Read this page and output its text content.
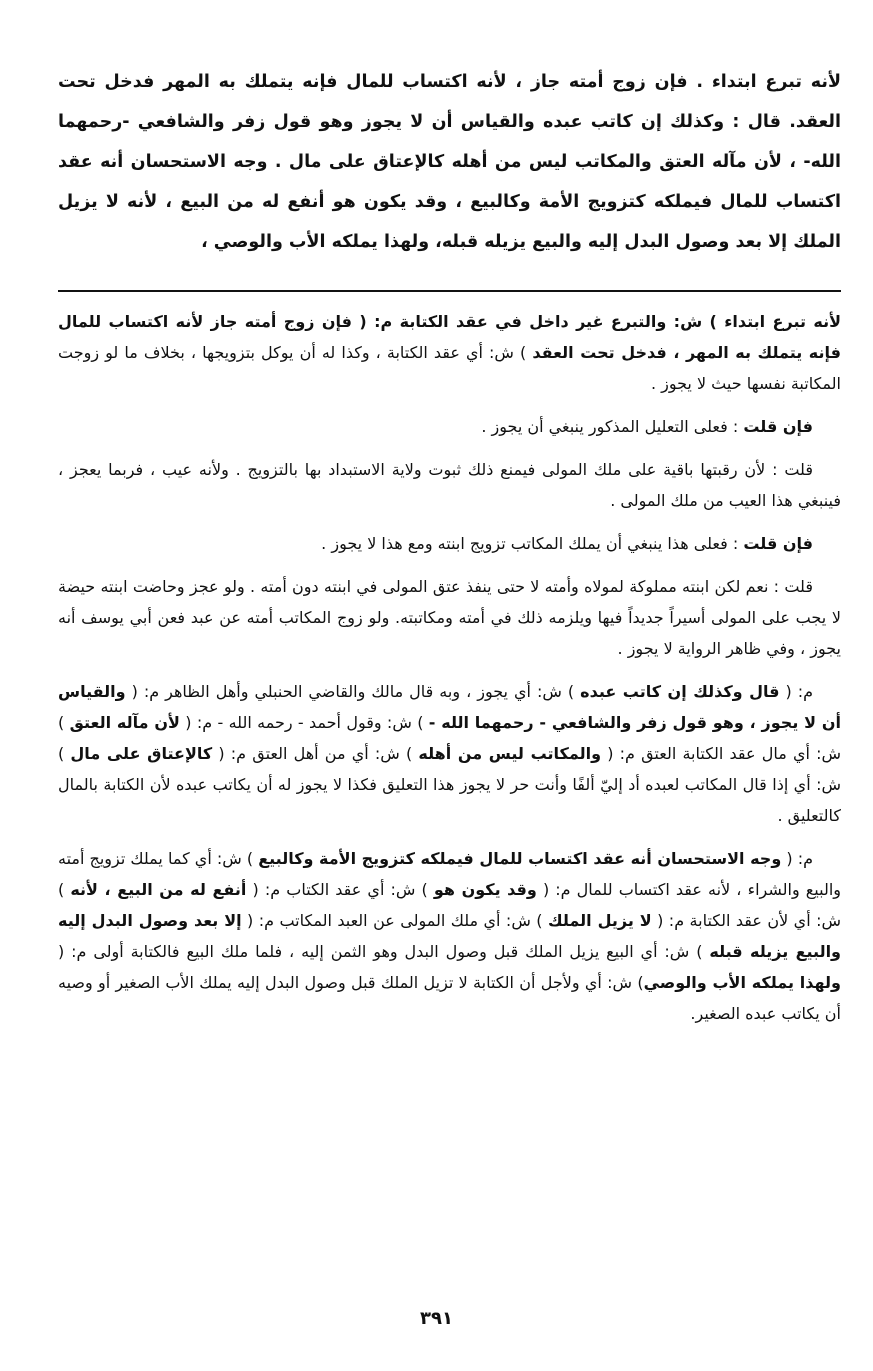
لأنه تبرع ابتداء . فإن زوج أمته جاز ، لأنه اكتساب للمال فإنه يتملك به المهر فدخل تحت العقد. قال : وكذلك إن كاتب عبده والقياس أن لا يجوز وهو قول زفر والشافعي -رحمهما الله- ، لأن مآله العتق والمكاتب ليس من أهله كالإعتاق على مال . وجه الاستحسان أنه عقد اكتساب للمال فيملكه كتزويج الأمة وكالبيع ، وقد يكون هو أنفع له من البيع ، لأنه لا يزيل الملك إلا بعد وصول البدل إليه والبيع يزيله قبله، ولهذا يملكه الأب والوصي ،

لأنه تبرع ابتداء ) ش: والتبرع غير داخل في عقد الكتابة م: ( فإن زوج أمته جاز لأنه اكتساب للمال فإنه يتملك به المهر ، فدخل تحت العقد ) ش: أي عقد الكتابة ، وكذا له أن يوكل بتزويجها ، بخلاف ما لو زوجت المكاتبة نفسها حيث لا يجوز .

فإن قلت : فعلى التعليل المذكور ينبغي أن يجوز .

قلت : لأن رقبتها باقية على ملك المولى فيمنع ذلك ثبوت ولاية الاستبداد بها بالتزويج . ولأنه عيب ، فربما يعجز ، فينبغي هذا العيب من ملك المولى .

فإن قلت : فعلى هذا ينبغي أن يملك المكاتب تزويج ابنته ومع هذا لا يجوز .

قلت : نعم لكن ابنته مملوكة لمولاه وأمته لا حتى ينفذ عتق المولى في ابنته دون أمته . ولو عجز وحاضت ابنته حيضة لا يجب على المولى أسيراً جديداً فيها ويلزمه ذلك في أمته ومكاتبته. ولو زوج المكاتب أمته عن عبد فعن أبي يوسف أنه يجوز ، وفي ظاهر الرواية لا يجوز .

م: ( قال وكذلك إن كاتب عبده ) ش: أي يجوز ، وبه قال مالك والقاضي الحنبلي وأهل الظاهر م: ( والقياس أن لا يجوز ، وهو قول زفر والشافعي - رحمهما الله - ) ش: وقول أحمد - رحمه الله - م: ( لأن مآله العتق ) ش: أي مال عقد الكتابة العتق م: ( والمكاتب ليس من أهله ) ش: أي من أهل العتق م: ( كالإعتاق على مال ) ش: أي إذا قال المكاتب لعبده أد إليّ ألفًا وأنت حر لا يجوز هذا التعليق فكذا لا يجوز له أن يكاتب عبده لأن الكتابة بالمال كالتعليق .

م: ( وجه الاستحسان أنه عقد اكتساب للمال فيملكه كتزويج الأمة وكالبيع ) ش: أي كما يملك تزويج أمته والبيع والشراء ، لأنه عقد اكتساب للمال م: ( وقد يكون هو ) ش: أي عقد الكتاب م: ( أنفع له من البيع ، لأنه ) ش: أي لأن عقد الكتابة م: ( لا يزيل الملك ) ش: أي ملك المولى عن العبد المكاتب م: ( إلا بعد وصول البدل إليه والبيع يزيله قبله ) ش: أي البيع يزيل الملك قبل وصول البدل وهو الثمن إليه ، فلما ملك البيع فالكتابة أولى م: ( ولهذا يملكه الأب والوصي) ش: أي ولأجل أن الكتابة لا تزيل الملك قبل وصول البدل إليه يملك الأب الصغير أو وصيه أن يكاتب عبده الصغير.

٣٩١
